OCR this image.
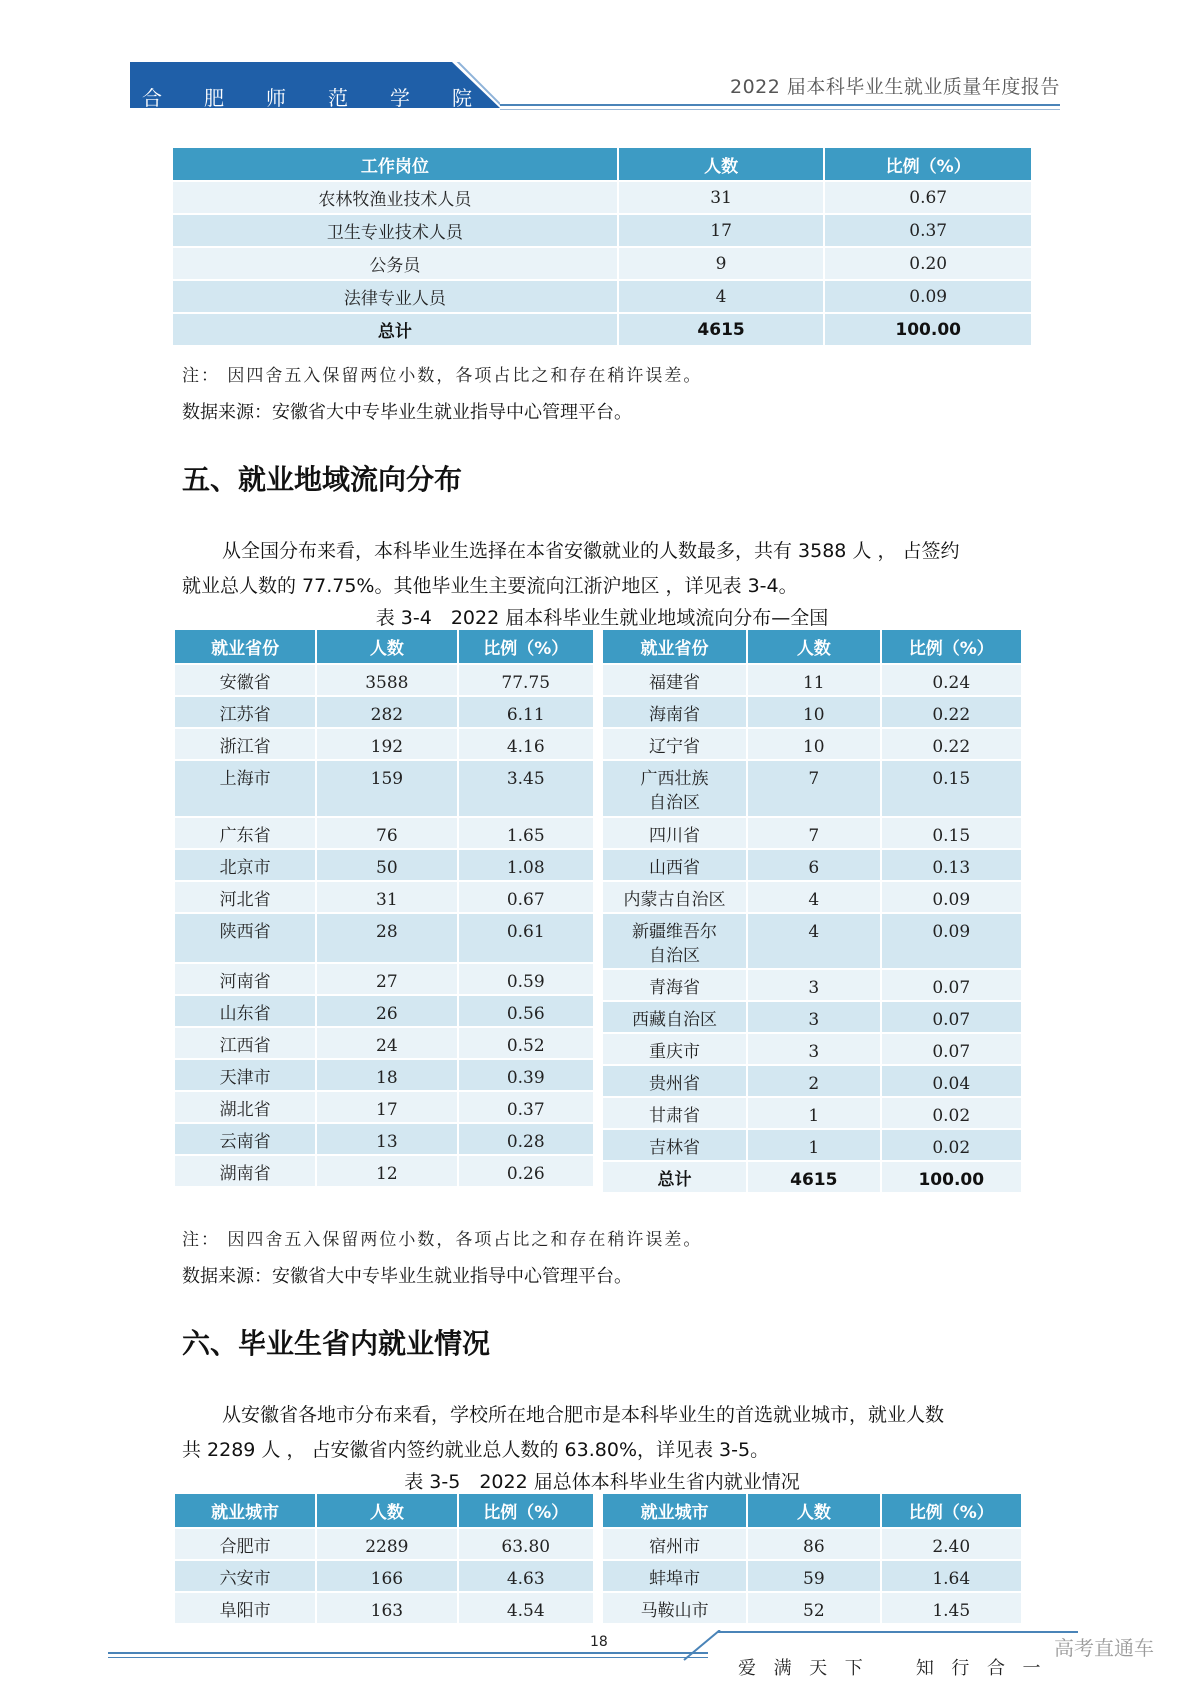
合 肥 师 范 学 院	2022 届本科毕业生就业质量年度报告
工作岗位	人数	比例（%）
农林牧渔业技术人员	31	0.67
卫生专业技术人员	17	0.37
公务员	9	0.20
法律专业人员	4	0.09
总计	4615	100.00
注： 因四舍五入保留两位小数，各项占比之和存在稍许误差。
数据来源：安徽省大中专毕业生就业指导中心管理平台。
五、就业地域流向分布
从全国分布来看，本科毕业生选择在本省安徽就业的人数最多，共有 3588 人 ， 占签约
就业总人数的 77.75%。其他毕业生主要流向江浙沪地区 ，详见表 3-4。
表 3-4　2022 届本科毕业生就业地域流向分布—全国
就业省份	人数	比例（%）
安徽省	3588	77.75
江苏省	282	6.11
浙江省	192	4.16
上海市	159	3.45
广东省	76	1.65
北京市	50	1.08
河北省	31	0.67
陕西省	28	0.61
河南省	27	0.59
山东省	26	0.56
江西省	24	0.52
天津市	18	0.39
湖北省	17	0.37
云南省	13	0.28
湖南省	12	0.26
就业省份	人数	比例（%）
福建省	11	0.24
海南省	10	0.22
辽宁省	10	0.22
广西壮族
自治区	7	0.15
四川省	7	0.15
山西省	6	0.13
内蒙古自治区	4	0.09
新疆维吾尔
自治区	4	0.09
青海省	3	0.07
西藏自治区	3	0.07
重庆市	3	0.07
贵州省	2	0.04
甘肃省	1	0.02
吉林省	1	0.02
总计	4615	100.00
注： 因四舍五入保留两位小数，各项占比之和存在稍许误差。
数据来源：安徽省大中专毕业生就业指导中心管理平台。
六、毕业生省内就业情况
从安徽省各地市分布来看，学校所在地合肥市是本科毕业生的首选就业城市，就业人数
共 2289 人 ， 占安徽省内签约就业总人数的 63.80%，详见表 3-5。
表 3-5　2022 届总体本科毕业生省内就业情况
就业城市	人数	比例（%）
合肥市	2289	63.80
六安市	166	4.63
阜阳市	163	4.54
就业城市	人数	比例（%）
宿州市	86	2.40
蚌埠市	59	1.64
马鞍山市	52	1.45
18
爱 满 天 下	知 行 合 一
高考直通车
